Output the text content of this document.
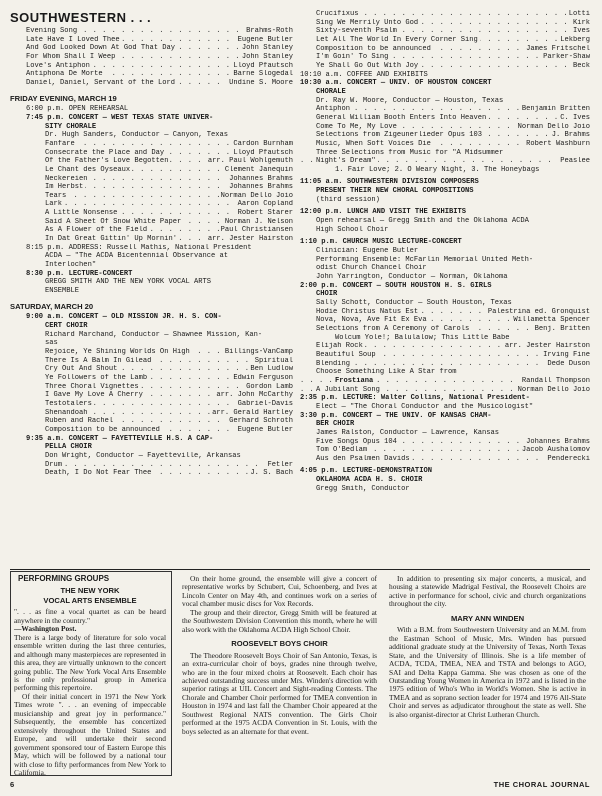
SOUTHWESTERN . . .
. . .
Evening Song	Brahms-Roth
. . .
Late Have I Loved Thee	Eugene Butler
. . .
And God Looked Down At God That Day	John Stanley
. . .
For Whom Shall I Weep	John Stanley
. . .
Love's Antiphon	Lloyd Pfautsch
. . .
Antiphona De Morte	Barne Slogedal
. . .
Daniel, Daniel, Servant of the Lord	Undine S. Moore
FRIDAY EVENING, MARCH 19
6:00 p.m. OPEN REHEARSAL
7:45 p.m. CONCERT — WEST TEXAS STATE UNIVER-
SITY CHORALE
Dr. Hugh Sanders, Conductor — Canyon, Texas
. . .
Fanfare	Cardon Burnham
. . .
Consecrate the Place and Day	Lloyd Pfautsch
. . .
Of the Father's Love Begotten	arr. Paul Wohlgemuth
. . .
Le Chant des Oyseaux	Clement Janequin
. . .
Neckereien	Johannes Brahms
. . .
Im Herbst	Johannes Brahms
. . .
Tears	Norman Dello Joio
. . .
Lark	Aaron Copland
. . .
A Little Nonsense	Robert Starer
. . .
Said A Sheet Of Snow White Paper	Norman J. Nelson
. . .
As A Flower of the Field	Paul Christiansen
. . .
In Dat Great Gittin' Up Mornin'	arr. Jester Hairston
8:15 p.m. ADDRESS: Russell Mathis, National President
ACDA — "The ACDA Bicentennial Observance at
Interlochen"
8:30 p.m. LECTURE-CONCERT
GREGG SMITH AND THE NEW YORK VOCAL ARTS
ENSEMBLE
SATURDAY, MARCH 20
9:00 a.m. CONCERT — OLD MISSION JR. H. S. CON-
CERT CHOIR
Richard Marchand, Conductor — Shawnee Mission, Kan-
sas
. . .
Rejoice, Ye Shining Worlds On High	Billings-VanCamp
. . .
There Is A Balm In Gilead	Spiritual
. . .
Cry Out And Shout	Ben Ludlow
. . .
Ye Followers of the Lamb	Edwin Ferguson
. . .
Three Choral Vignettes	Gordon Lamb
. . .
I Gave My Love A Cherry	arr. John McCarthy
. . .
Testotalers	Gabriel-Davis
. . .
Shenandoah	arr. Gerald Hartley
. . .
Ruben and Rachel	Gerhard Schroth
. . .
Composition to be announced	Eugene Butler
9:35 a.m. CONCERT — FAYETTEVILLE H.S. A CAP-
PELLA CHOIR
Don Wright, Conductor — Fayetteville, Arkansas
. . .
Drum	Fetler
. . .
Death, I Do Not Fear Thee	J. S. Bach
. . .
Crucifixus	Lotti
. . .
Sing We Merrily Unto God	Kirk
. . .
Sixty-seventh Psalm	Ives
. . .
Let All The World In Every Corner Sing	Lekberg
. . .
Composition to be announced	James Fritschel
. . .
I'm Goin' To Sing	Parker-Shaw
. . .
Ye Shall Go Out With Joy	Beck
10:10 a.m. COFFEE AND EXHIBITS
10:30 a.m. CONCERT — UNIV. OF HOUSTON CONCERT
CHORALE
Dr. Ray W. Moore, Conductor — Houston, Texas
. . .
Antiphon	Benjamin Britten
. . .
General William Booth Enters Into Heaven	C. Ives
. . .
Come To Me, My Love	Norman Dello Joio
. . .
Selections from Zigeunerlieder Opus 103	J. Brahms
. . .
Music, When Soft Voices Die	Robert Washburn
Three Selections from Music for "A Midsummer
. . .
Night's Dream"	Peaslee
1. Fair Love; 2. O Weary Night, 3. The Honeybags
11:05 a.m. SOUTHWESTERN DIVISION COMPOSERS
PRESENT THEIR NEW CHORAL COMPOSITIONS
(third session)
12:00 p.m. LUNCH AND VISIT THE EXHIBITS
Open rehearsal — Gregg Smith and the Oklahoma ACDA
High School Choir
1:10 p.m. CHURCH MUSIC LECTURE-CONCERT
Clinician: Eugene Butler
Performing Ensemble: McFarlin Memorial United Meth-
odist Church Chancel Choir
John Yarrington, Conductor — Norman, Oklahoma
2:00 p.m. CONCERT — SOUTH HOUSTON H. S. GIRLS
CHOIR
Sally Schott, Conductor — South Houston, Texas
. . .
Hodie Christus Natus Est	Palestrina ed. Gronquist
. . .
Nova, Nova, Ave Fit Ex Eva	Willametta Spencer
. . .
Selections from A Ceremony of Carols	Benj. Britten
Wolcum Yole!; Balulalow; This Little Babe
. . .
Elijah Rock	arr. Jester Hairston
. . .
Beautiful Soup	Irving Fine
. . .
Blending	Dede Duson
Choose Something Like A Star from
. . .
Frostiana	Randall Thompson
. . .
A Jubilant Song	Norman Dello Joio
2:35 p.m. LECTURE: Walter Collins, National President-
Elect — "The Choral Conductor and the Musicologist"
3:30 p.m. CONCERT — THE UNIV. OF KANSAS CHAM-
BER CHOIR
James Ralston, Conductor — Lawrence, Kansas
. . .
Five Songs Opus 104	Johannes Brahms
. . .
Tom O'Bedlam	Jacob Aushalomov
. . .
Aus den Psalmen Davids	Penderecki
4:05 p.m. LECTURE-DEMONSTRATION
OKLAHOMA ACDA H. S. CHOIR
Gregg Smith, Conductor
PERFORMING GROUPS
THE NEW YORK
VOCAL ARTS ENSEMBLE

". . . as fine a vocal quartet as can be heard anywhere in the country."

—Washington Post.

There is a large body of literature for solo vocal ensemble written during the last three centuries, and although many masterpieces are represented in this area, they are virtually unknown to the concert going public. The New York Vocal Arts Ensemble is the only professional group in America performing this repertoire.

Of their initial concert in 1971 the New York Times wrote ". . . an evening of impeccable musicianship and great joy in performance." Subsequently, the ensemble has concertized extensively throughout the United States and Europe, and will undertake their second government sponsored tour of Eastern Europe this May, which will be followed by a national tour with close to fifty performances from New York to California.

On their home ground, the ensemble will give a concert of representative works by Schubert, Cui, Schoenberg, and Ives at Lincoln Center on May 4th, and continues work on a series of vocal chamber music discs for Vox Records.

The group and their director, Gregg Smith will be featured at the Southwestern Division Convention this month, where he will also work with the Oklahoma ACDA High School Choir.

ROOSEVELT BOYS CHOIR

The Theodore Roosevelt Boys Choir of San Antonio, Texas, is an extra-curricular choir of boys, grades nine through twelve, who are in the four mixed choirs at Roosevelt. Each choir has achieved outstanding success under Mrs. Winden's direction with superior ratings at UIL Concert and Sight-reading Contests. The Chorale and Chamber Choir performed for TMEA convention in Houston in 1974 and last fall the Chamber Choir appeared at the Southwest Regional NATS convention. The Girls Choir performed at the 1975 ACDA Convention in St. Louis, with the boys selected as an alternate for that event.

In addition to presenting six major concerts, a musical, and housing a statewide Madrigal Festival, the Roosevelt Choirs are active in performance for school, civic and church organizations throughout the city.

MARY ANN WINDEN

With a B.M. from Southwestern University and an M.M. from the Eastman School of Music, Mrs. Winden has pursued additional graduate study at the University of Texas, North Texas State, and the University of Illinois. She is a life member of ACDA, TCDA, TMEA, NEA and TSTA and belongs to AGO, SAI and Delta Kappa Gamma. She was chosen as one of the Outstanding Young Women in America in 1972 and is listed in the 1975 edition of Who's Who in World's Women. She is active in TMEA and as soprano section leader for 1974 and 1976 All-State Choir and serves as adjudicator throughout the state as well. She is also organist-director at Christ Lutheran Church.

6	THE CHORAL JOURNAL
